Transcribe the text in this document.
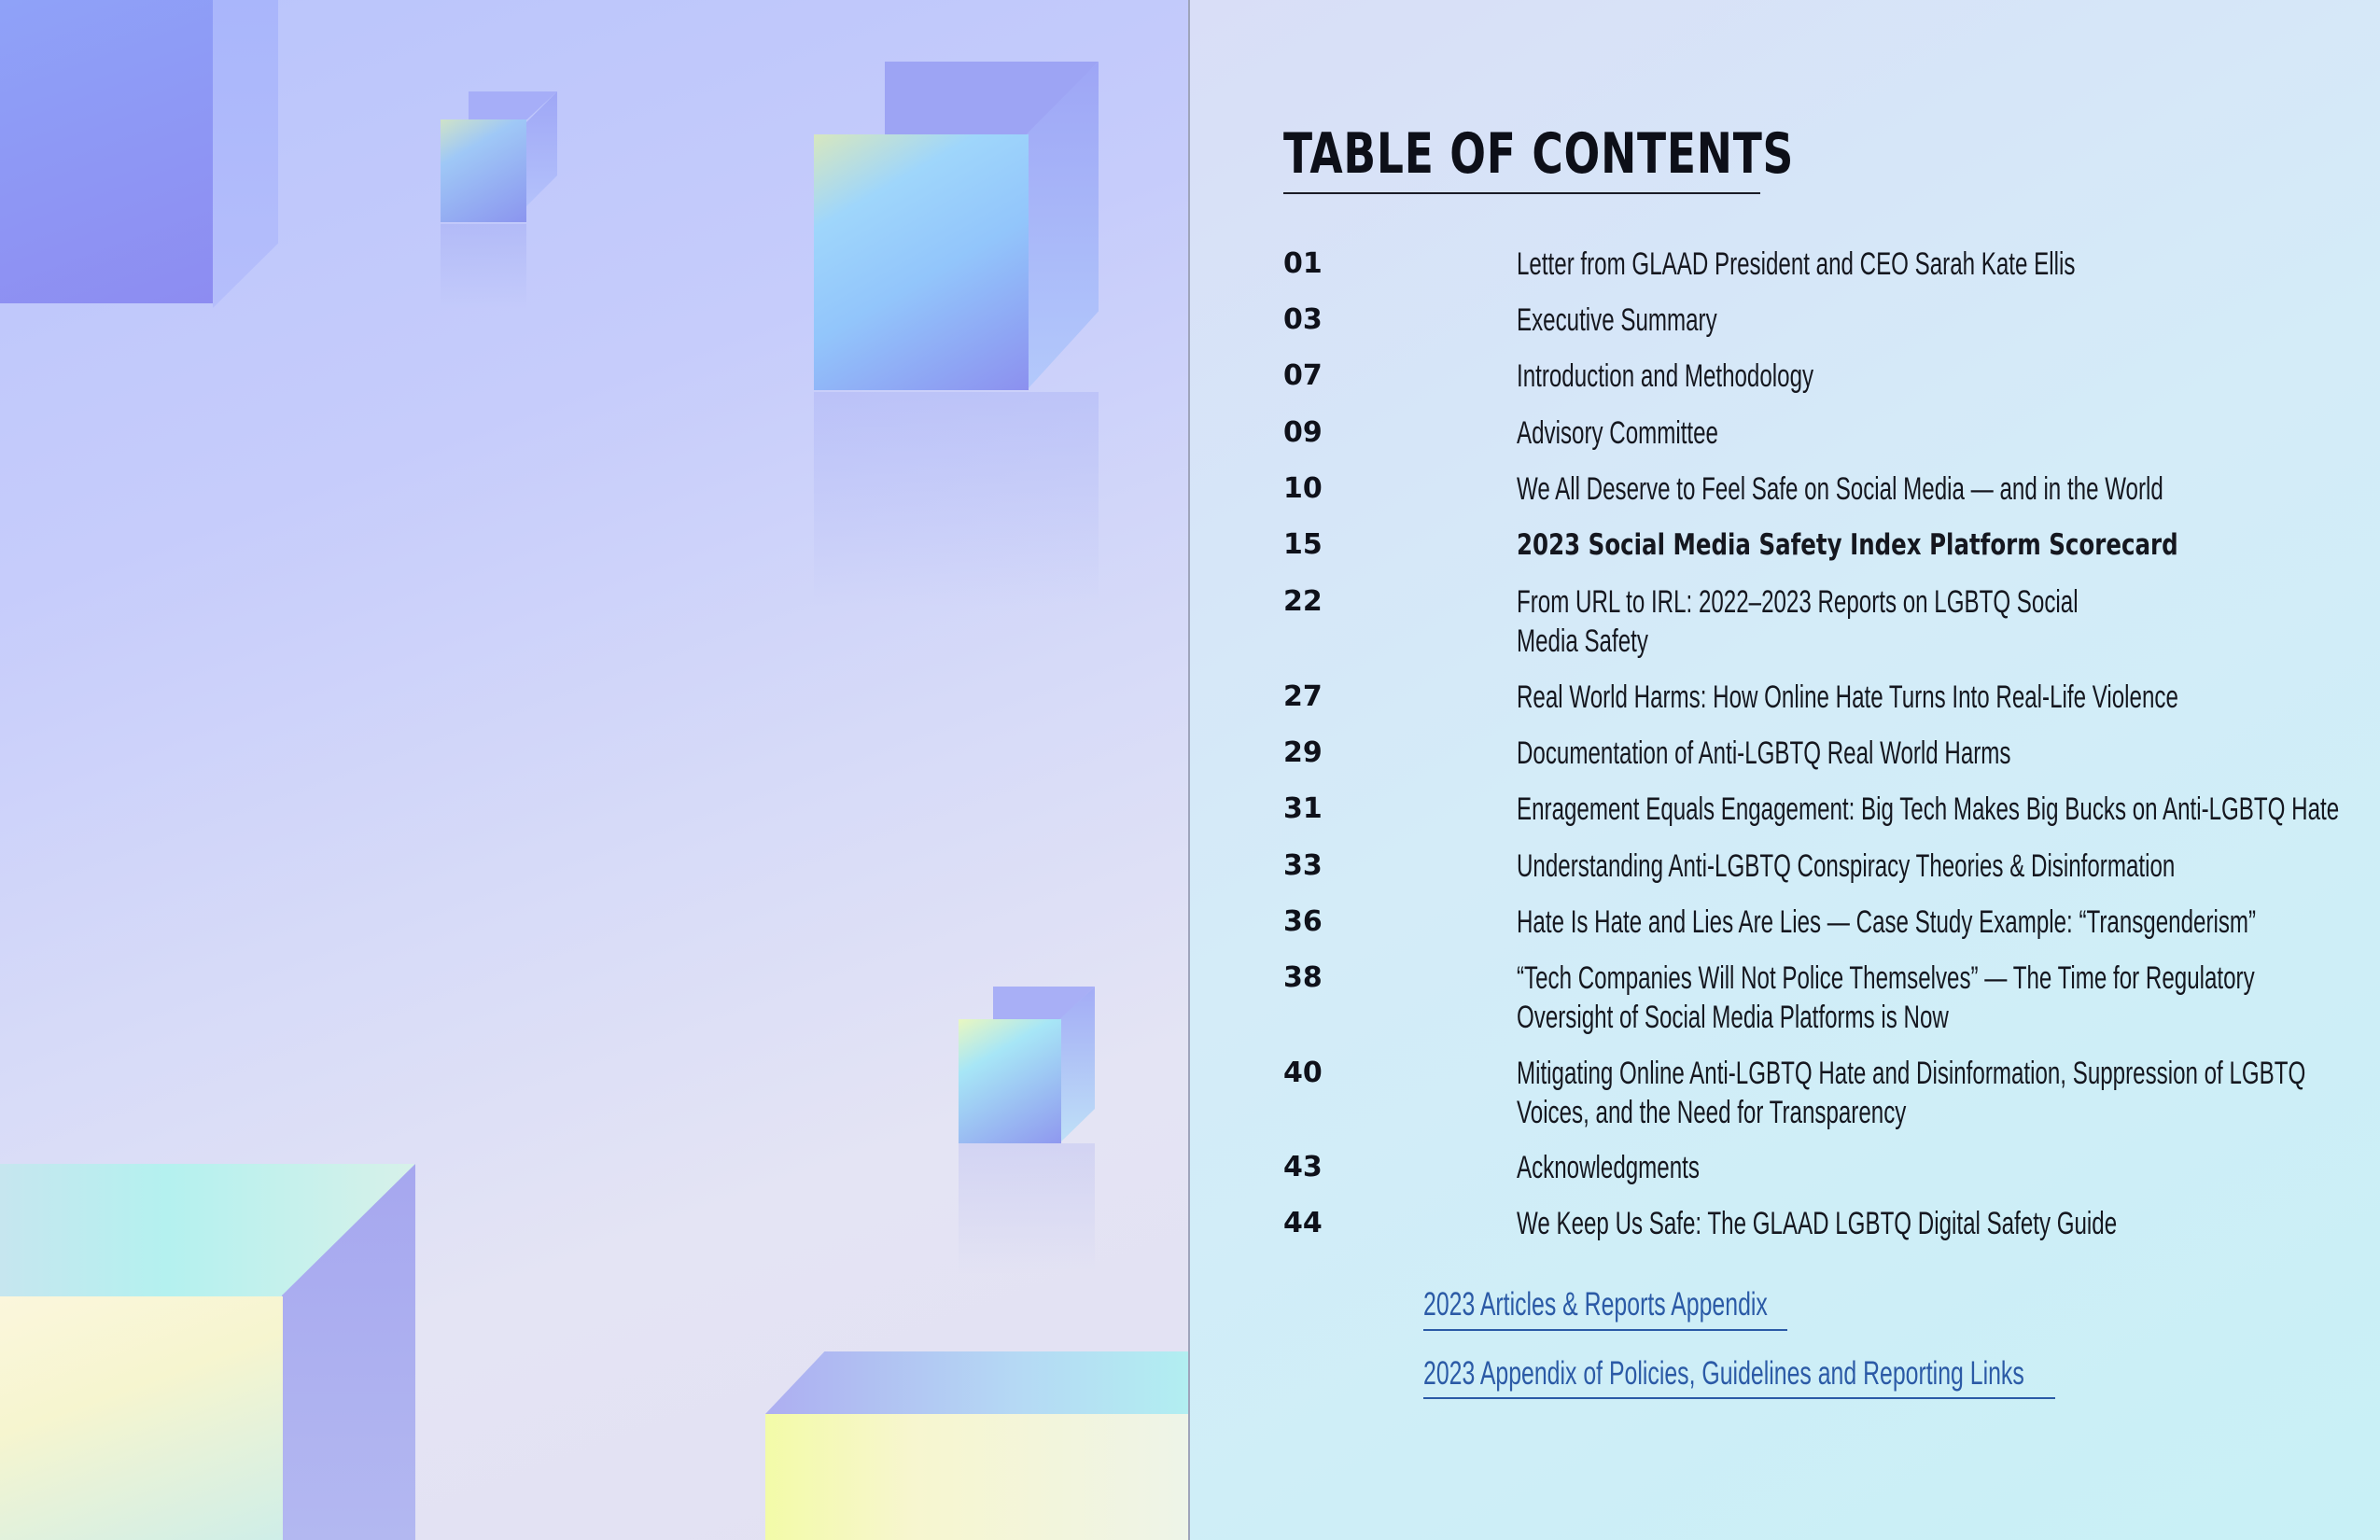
TABLE OF CONTENTS
01	Letter from GLAAD President and CEO Sarah Kate Ellis
03	Executive Summary
07	Introduction and Methodology
09	Advisory Committee
10	We All Deserve to Feel Safe on Social Media — and in the World
15	2023 Social Media Safety Index Platform Scorecard
22	From URL to IRL: 2022–2023 Reports on LGBTQ Social
Media Safety
27	Real World Harms: How Online Hate Turns Into Real-Life Violence
29	Documentation of Anti-LGBTQ Real World Harms
31	Enragement Equals Engagement: Big Tech Makes Big Bucks on Anti-LGBTQ Hate
33	Understanding Anti-LGBTQ Conspiracy Theories & Disinformation
36	Hate Is Hate and Lies Are Lies — Case Study Example: “Transgenderism”
38	“Tech Companies Will Not Police Themselves” — The Time for Regulatory
Oversight of Social Media Platforms is Now
40	Mitigating Online Anti-LGBTQ Hate and Disinformation, Suppression of LGBTQ
Voices, and the Need for Transparency
43	Acknowledgments
44	We Keep Us Safe: The GLAAD LGBTQ Digital Safety Guide
2023 Articles & Reports Appendix
2023 Appendix of Policies, Guidelines and Reporting Links
